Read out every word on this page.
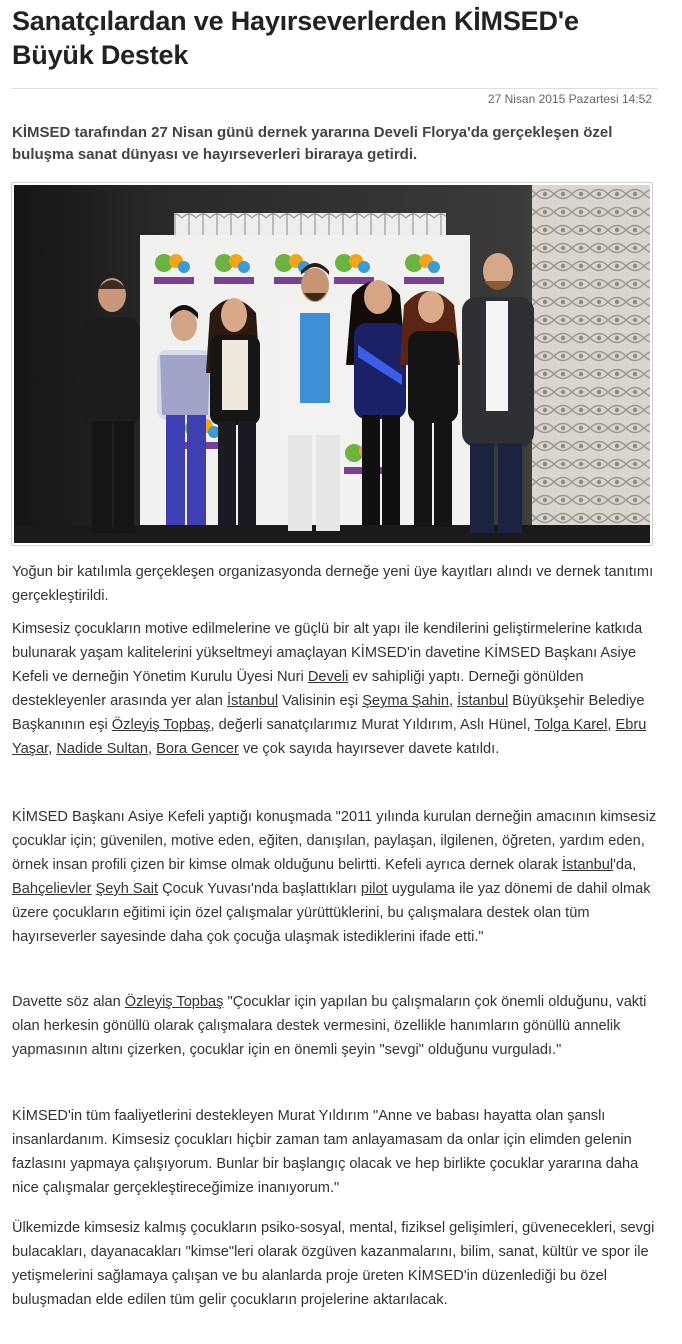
Sanatçılardan ve Hayırseverlerden KİMSED'e Büyük Destek
27 Nisan 2015 Pazartesi 14:52

KİMSED tarafından 27 Nisan günü dernek yararına Develi Florya'da gerçekleşen özel buluşma sanat dünyası ve hayırseverleri biraraya getirdi.

Yoğun bir katılımla gerçekleşen organizasyonda derneğe yeni üye kayıtları alındı ve dernek tanıtımı gerçekleştirildi.

Kimsesiz çocukların motive edilmelerine ve güçlü bir alt yapı ile kendilerini geliştirmelerine katkıda bulunarak yaşam kalitelerini yükseltmeyi amaçlayan KİMSED'in davetine KİMSED Başkanı Asiye Kefeli ve derneğin Yönetim Kurulu Üyesi Nuri Develi ev sahipliği yaptı. Derneği gönülden destekleyenler arasında yer alan İstanbul Valisinin eşi Şeyma Şahin, İstanbul Büyükşehir Belediye Başkanının eşi Özleyiş Topbaş, değerli sanatçılarımız Murat Yıldırım, Aslı Hünel, Tolga Karel, Ebru Yaşar, Nadide Sultan, Bora Gencer ve çok sayıda hayırsever davete katıldı.

KİMSED Başkanı Asiye Kefeli yaptığı konuşmada "2011 yılında kurulan derneğin amacının kimsesiz çocuklar için; güvenilen, motive eden, eğiten, danışılan, paylaşan, ilgilenen, öğreten, yardım eden, örnek insan profili çizen bir kimse olmak olduğunu belirtti. Kefeli ayrıca dernek olarak İstanbul'da, Bahçelievler Şeyh Sait Çocuk Yuvası'nda başlattıkları pilot uygulama ile yaz dönemi de dahil olmak üzere çocukların eğitimi için özel çalışmalar yürüttüklerini, bu çalışmalara destek olan tüm hayırseverler sayesinde daha çok çocuğa ulaşmak istediklerini ifade etti."

Davette söz alan Özleyiş Topbaş "Çocuklar için yapılan bu çalışmaların çok önemli olduğunu, vakti olan herkesin gönüllü olarak çalışmalara destek vermesini, özellikle hanımların gönüllü annelik yapmasının altını çizerken, çocuklar için en önemli şeyin "sevgi" olduğunu vurguladı."

KİMSED'in tüm faaliyetlerini destekleyen Murat Yıldırım "Anne ve babası hayatta olan şanslı insanlardanım. Kimsesiz çocukları hiçbir zaman tam anlayamasam da onlar için elimden gelenin fazlasını yapmaya çalışıyorum. Bunlar bir başlangıç olacak ve hep birlikte çocuklar yararına daha nice çalışmalar gerçekleştireceğimize inanıyorum."

Ülkemizde kimsesiz kalmış çocukların psiko-sosyal, mental, fiziksel gelişimleri, güvenecekleri, sevgi bulacakları, dayanacakları "kimse"leri olarak özgüven kazanmalarını, bilim, sanat, kültür ve spor ile yetişmelerini sağlamaya çalışan ve bu alanlarda proje üreten KİMSED'in düzenlediği bu özel buluşmadan elde edilen tüm gelir çocukların projelerine aktarılacak.
